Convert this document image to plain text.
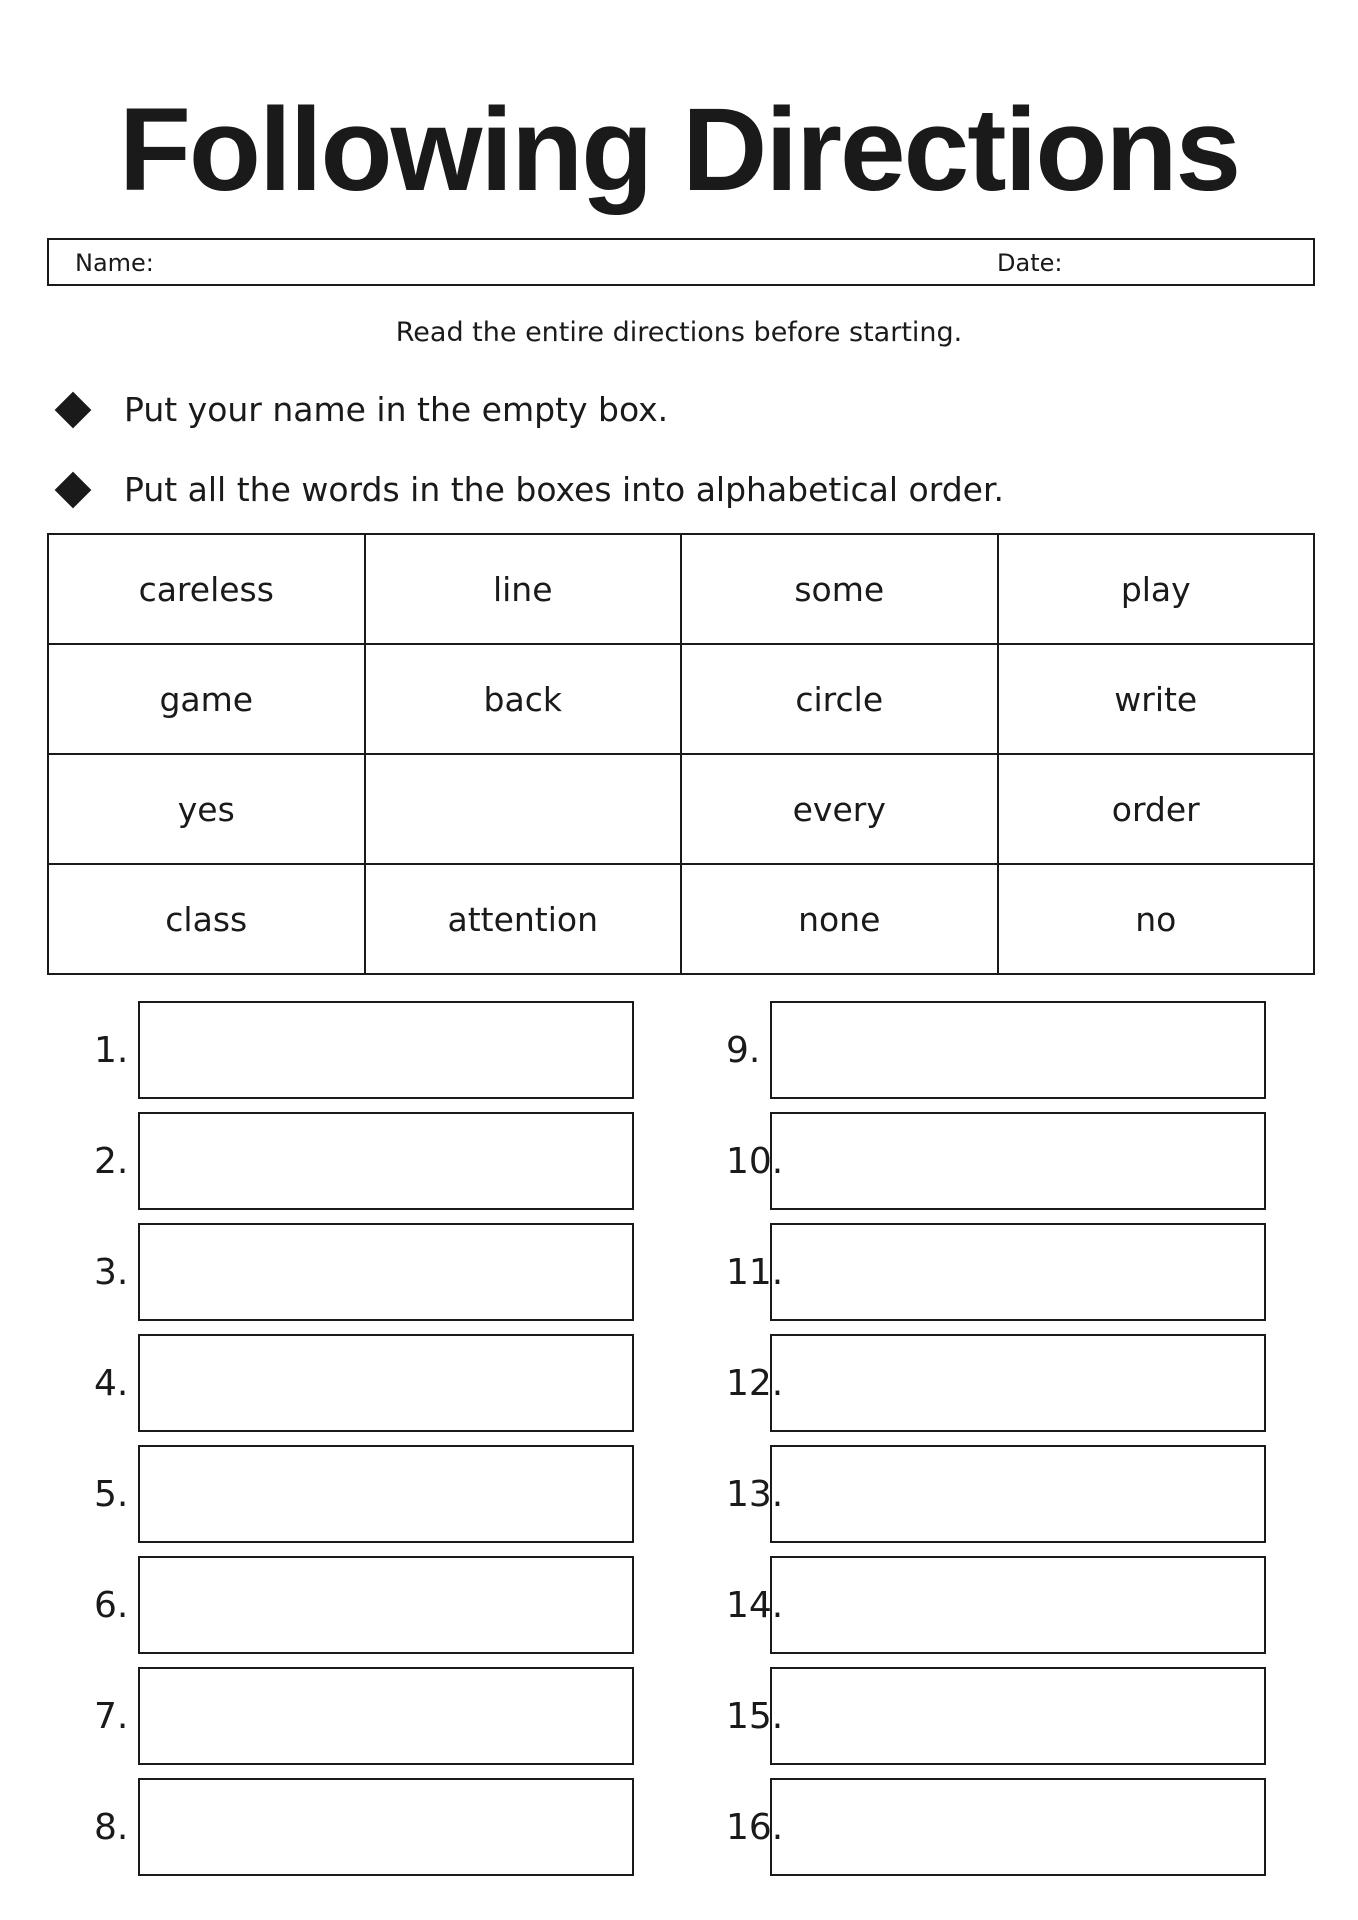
Following Directions
Name:	Date:
Read the entire directions before starting.
Put your name in the empty box.
Put all the words in the boxes into alphabetical order.
careless	line	some	play
game	back	circle	write
yes		every	order
class	attention	none	no
1.
2.
3.
4.
5.
6.
7.
8.
9.
10.
11.
12.
13.
14.
15.
16.
